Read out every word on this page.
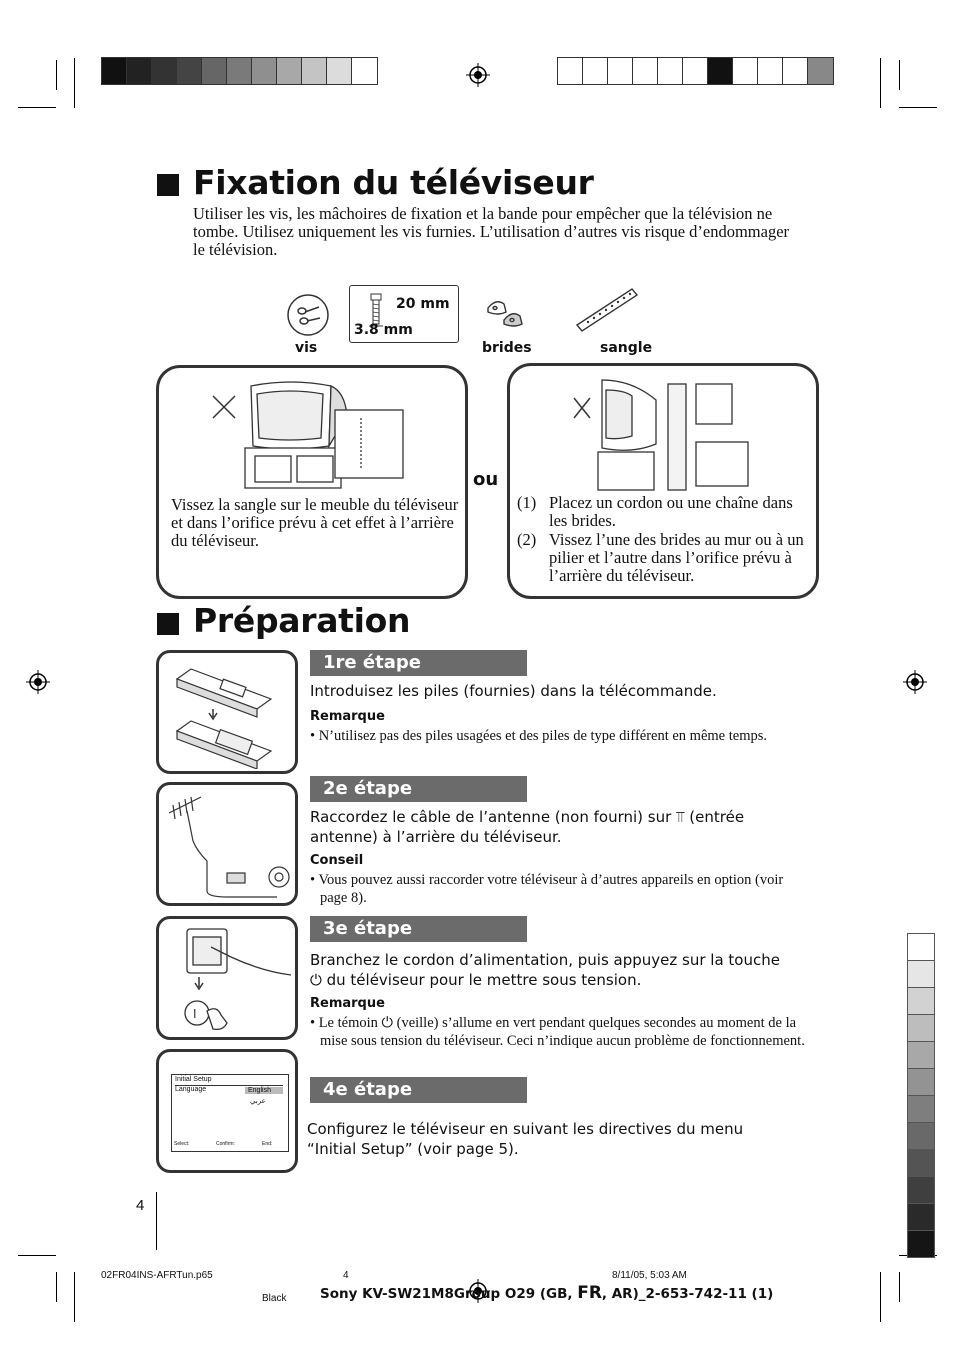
Fixation du téléviseur
Utiliser les vis, les mâchoires de fixation et la bande pour empêcher que la télévision ne tombe. Utilisez uniquement les vis furnies. L’utilisation d’autres vis risque d’endommager le télévision.
vis
20 mm
3.8 mm
brides	sangle
Vissez la sangle sur le meuble du téléviseur et dans l’orifice prévu à cet effet à l’arrière du téléviseur.
ou
(1) Placez un cordon ou une chaîne dans les brides.
(2) Vissez l’une des brides au mur ou à un pilier et l’autre dans l’orifice prévu à l’arrière du téléviseur.
Préparation
1re étape
Introduisez les piles (fournies) dans la télécommande.
Remarque
• N’utilisez pas des piles usagées et des piles de type différent en même temps.
2e étape
Raccordez le câble de l’antenne (non fourni) sur ⫪ (entrée antenne) à l’arrière du téléviseur.
Conseil
• Vous pouvez aussi raccorder votre téléviseur à d’autres appareils en option (voir page 8).
I
3e étape
Branchez le cordon d’alimentation, puis appuyez sur la touche ⏻ du téléviseur pour le mettre sous tension.
Remarque
• Le témoin ⏻ (veille) s’allume en vert pendant quelques secondes au moment de la mise sous tension du téléviseur. Ceci n’indique aucun problème de fonctionnement.
Initial Setup
Language	English
عربي
Select:	Confirm:	End:
4e étape
Configurez le téléviseur en suivant les directives du menu “Initial Setup” (voir page 5).
4
02FR04INS-AFRTun.p65	4	8/11/05, 5:03 AM
Black Sony KV-SW21M8Group O29 (GB, FR, AR)_2-653-742-11 (1)
